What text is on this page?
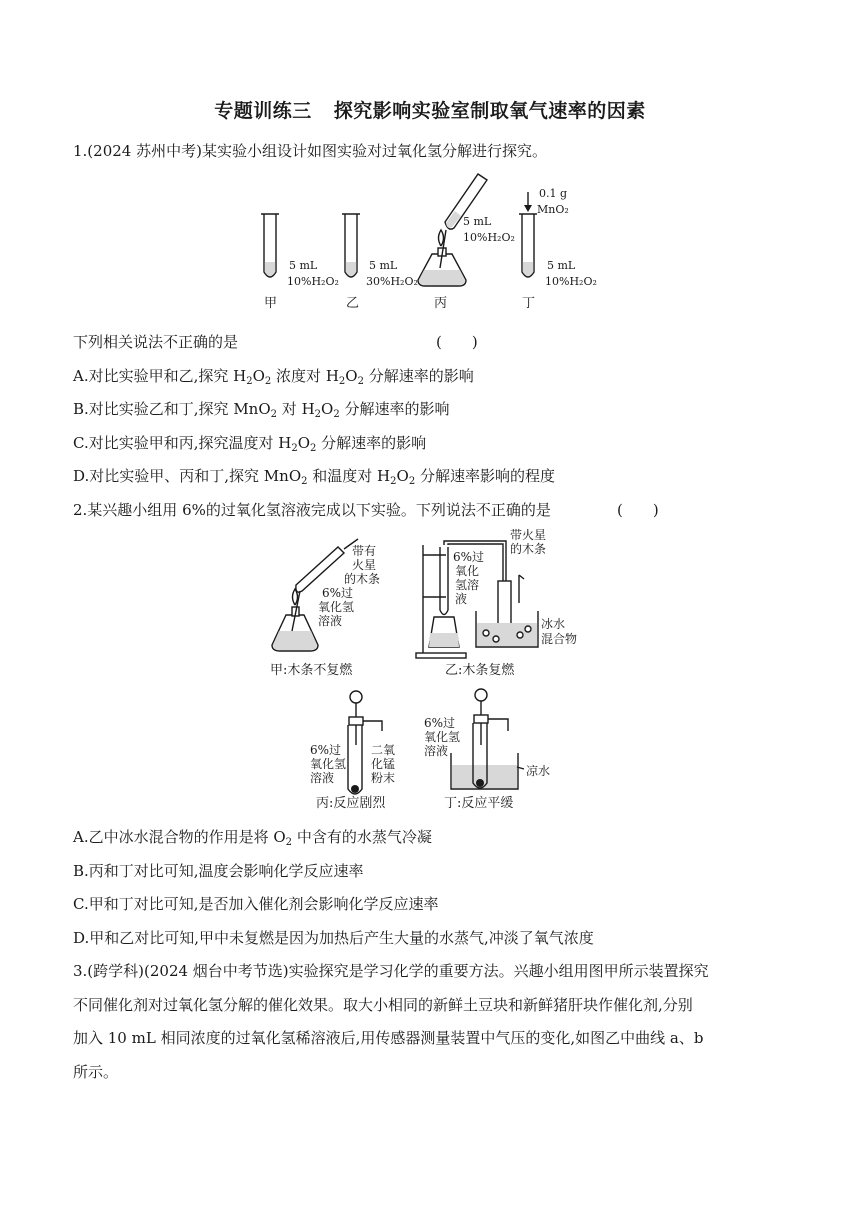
专题训练三 探究影响实验室制取氧气速率的因素
1.(2024 苏州中考)某实验小组设计如图实验对过氧化氢分解进行探究。
5 mL
10%H₂O₂
甲
5 mL
30%H₂O₂
乙
5 mL
10%H₂O₂
丙
0.1 g
MnO₂
5 mL
10%H₂O₂
丁
下列相关说法不正确的是	(　　)
A.对比实验甲和乙,探究 $H_2O_2$ 浓度对 $H_2O_2$ 分解速率的影响
B.对比实验乙和丁,探究 MnO$_2$ 对 $H_2O_2$ 分解速率的影响
C.对比实验甲和丙,探究温度对 $H_2O_2$ 分解速率的影响
D.对比实验甲、丙和丁,探究 MnO$_2$ 和温度对 $H_2O_2$ 分解速率影响的程度
2.某兴趣小组用 6%的过氧化氢溶液完成以下实验。下列说法不正确的是	(　　)
带有
火星
的木条
6%过
氧化氢
溶液
甲:木条不复燃
6%过
氧化
氢溶
液
带火星
的木条
冰水
混合物
乙:木条复燃
6%过
氧化氢
溶液
二氧
化锰
粉末
丙:反应剧烈
6%过
氧化氢
溶液
凉水
丁:反应平缓
A.乙中冰水混合物的作用是将 $O_2$ 中含有的水蒸气冷凝
B.丙和丁对比可知,温度会影响化学反应速率
C.甲和丁对比可知,是否加入催化剂会影响化学反应速率
D.甲和乙对比可知,甲中未复燃是因为加热后产生大量的水蒸气,冲淡了氧气浓度
3.(跨学科)(2024 烟台中考节选)实验探究是学习化学的重要方法。兴趣小组用图甲所示装置探究
不同催化剂对过氧化氢分解的催化效果。取大小相同的新鲜土豆块和新鲜猪肝块作催化剂,分别
加入 10 mL 相同浓度的过氧化氢稀溶液后,用传感器测量装置中气压的变化,如图乙中曲线 a、b
所示。
